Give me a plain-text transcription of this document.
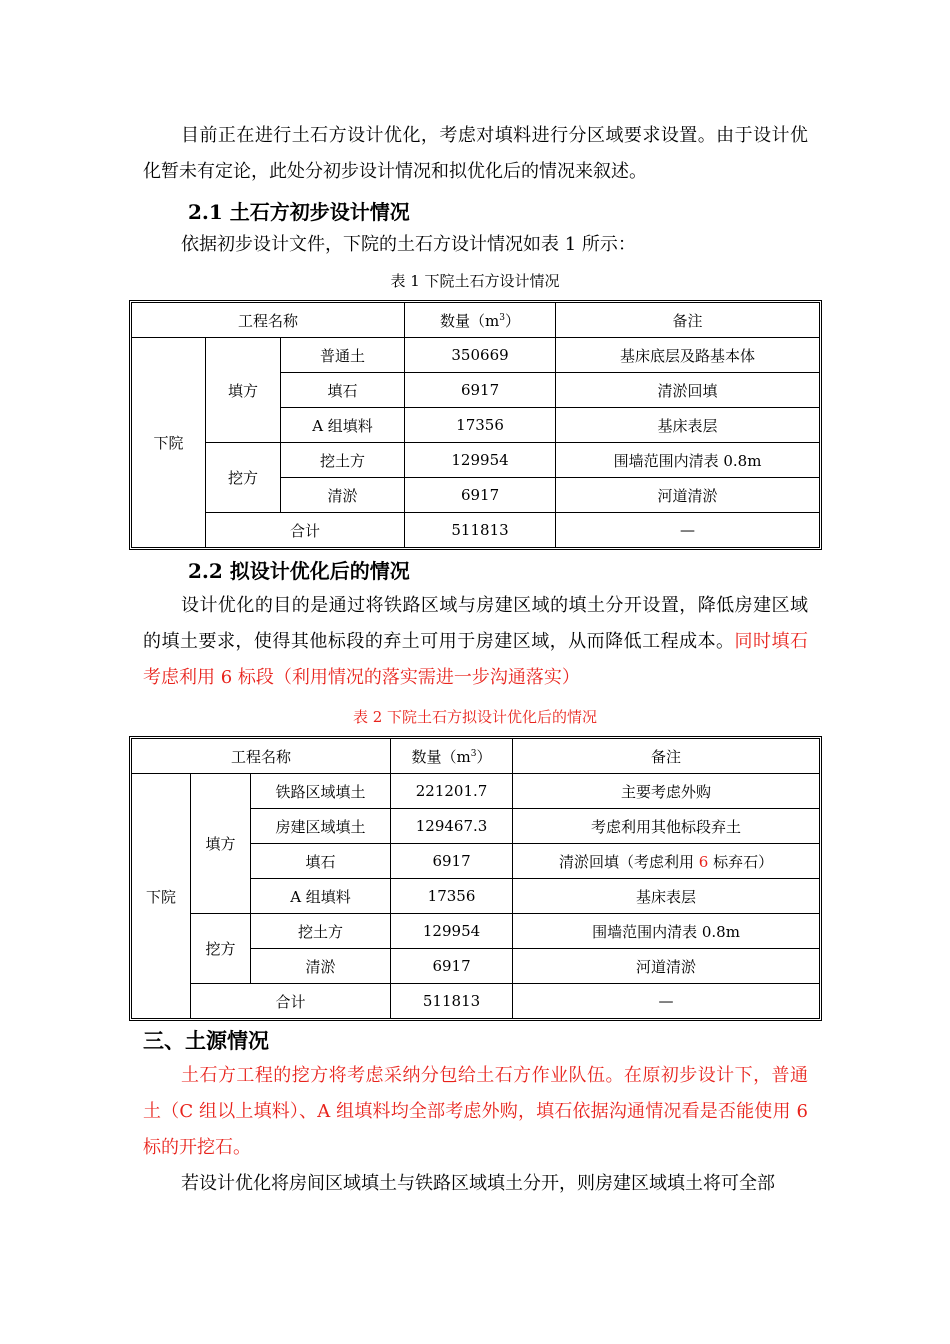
目前正在进行土石方设计优化，考虑对填料进行分区域要求设置。由于设计优化暂未有定论，此处分初步设计情况和拟优化后的情况来叙述。

2.1 土石方初步设计情况

依据初步设计文件，下院的土石方设计情况如表 1 所示：

表 1 下院土石方设计情况

工程名称			数量$(m^3)$	备注
下院	填方	普通土	350669	基床底层及路基本体
		填石	6917	清淤回填
		A 组填料	17356	基床表层
	挖方	挖土方	129954	围墙范围内清表 0.8m
		清淤	6917	河道清淤
	合计		511813	—
2.2 拟设计优化后的情况

设计优化的目的是通过将铁路区域与房建区域的填土分开设置，降低房建区域的填土要求，使得其他标段的弃土可用于房建区域，从而降低工程成本。同时填石考虑利用 6 标段（利用情况的落实需进一步沟通落实）

表 2 下院土石方拟设计优化后的情况

工程名称			数量$(m^3)$	备注
下院	填方	铁路区域填土	221201.7	主要考虑外购
		房建区域填土	129467.3	考虑利用其他标段弃土
		填石	6917	清淤回填（考虑利用 6 标弃石）
		A 组填料	17356	基床表层
	挖方	挖土方	129954	围墙范围内清表 0.8m
		清淤	6917	河道清淤
	合计		511813	—
三、土源情况

土石方工程的挖方将考虑采纳分包给土石方作业队伍。在原初步设计下，普通土（C 组以上填料）、A 组填料均全部考虑外购，填石依据沟通情况看是否能使用 6 标的开挖石。

若设计优化将房间区域填土与铁路区域填土分开，则房建区域填土将可全部
